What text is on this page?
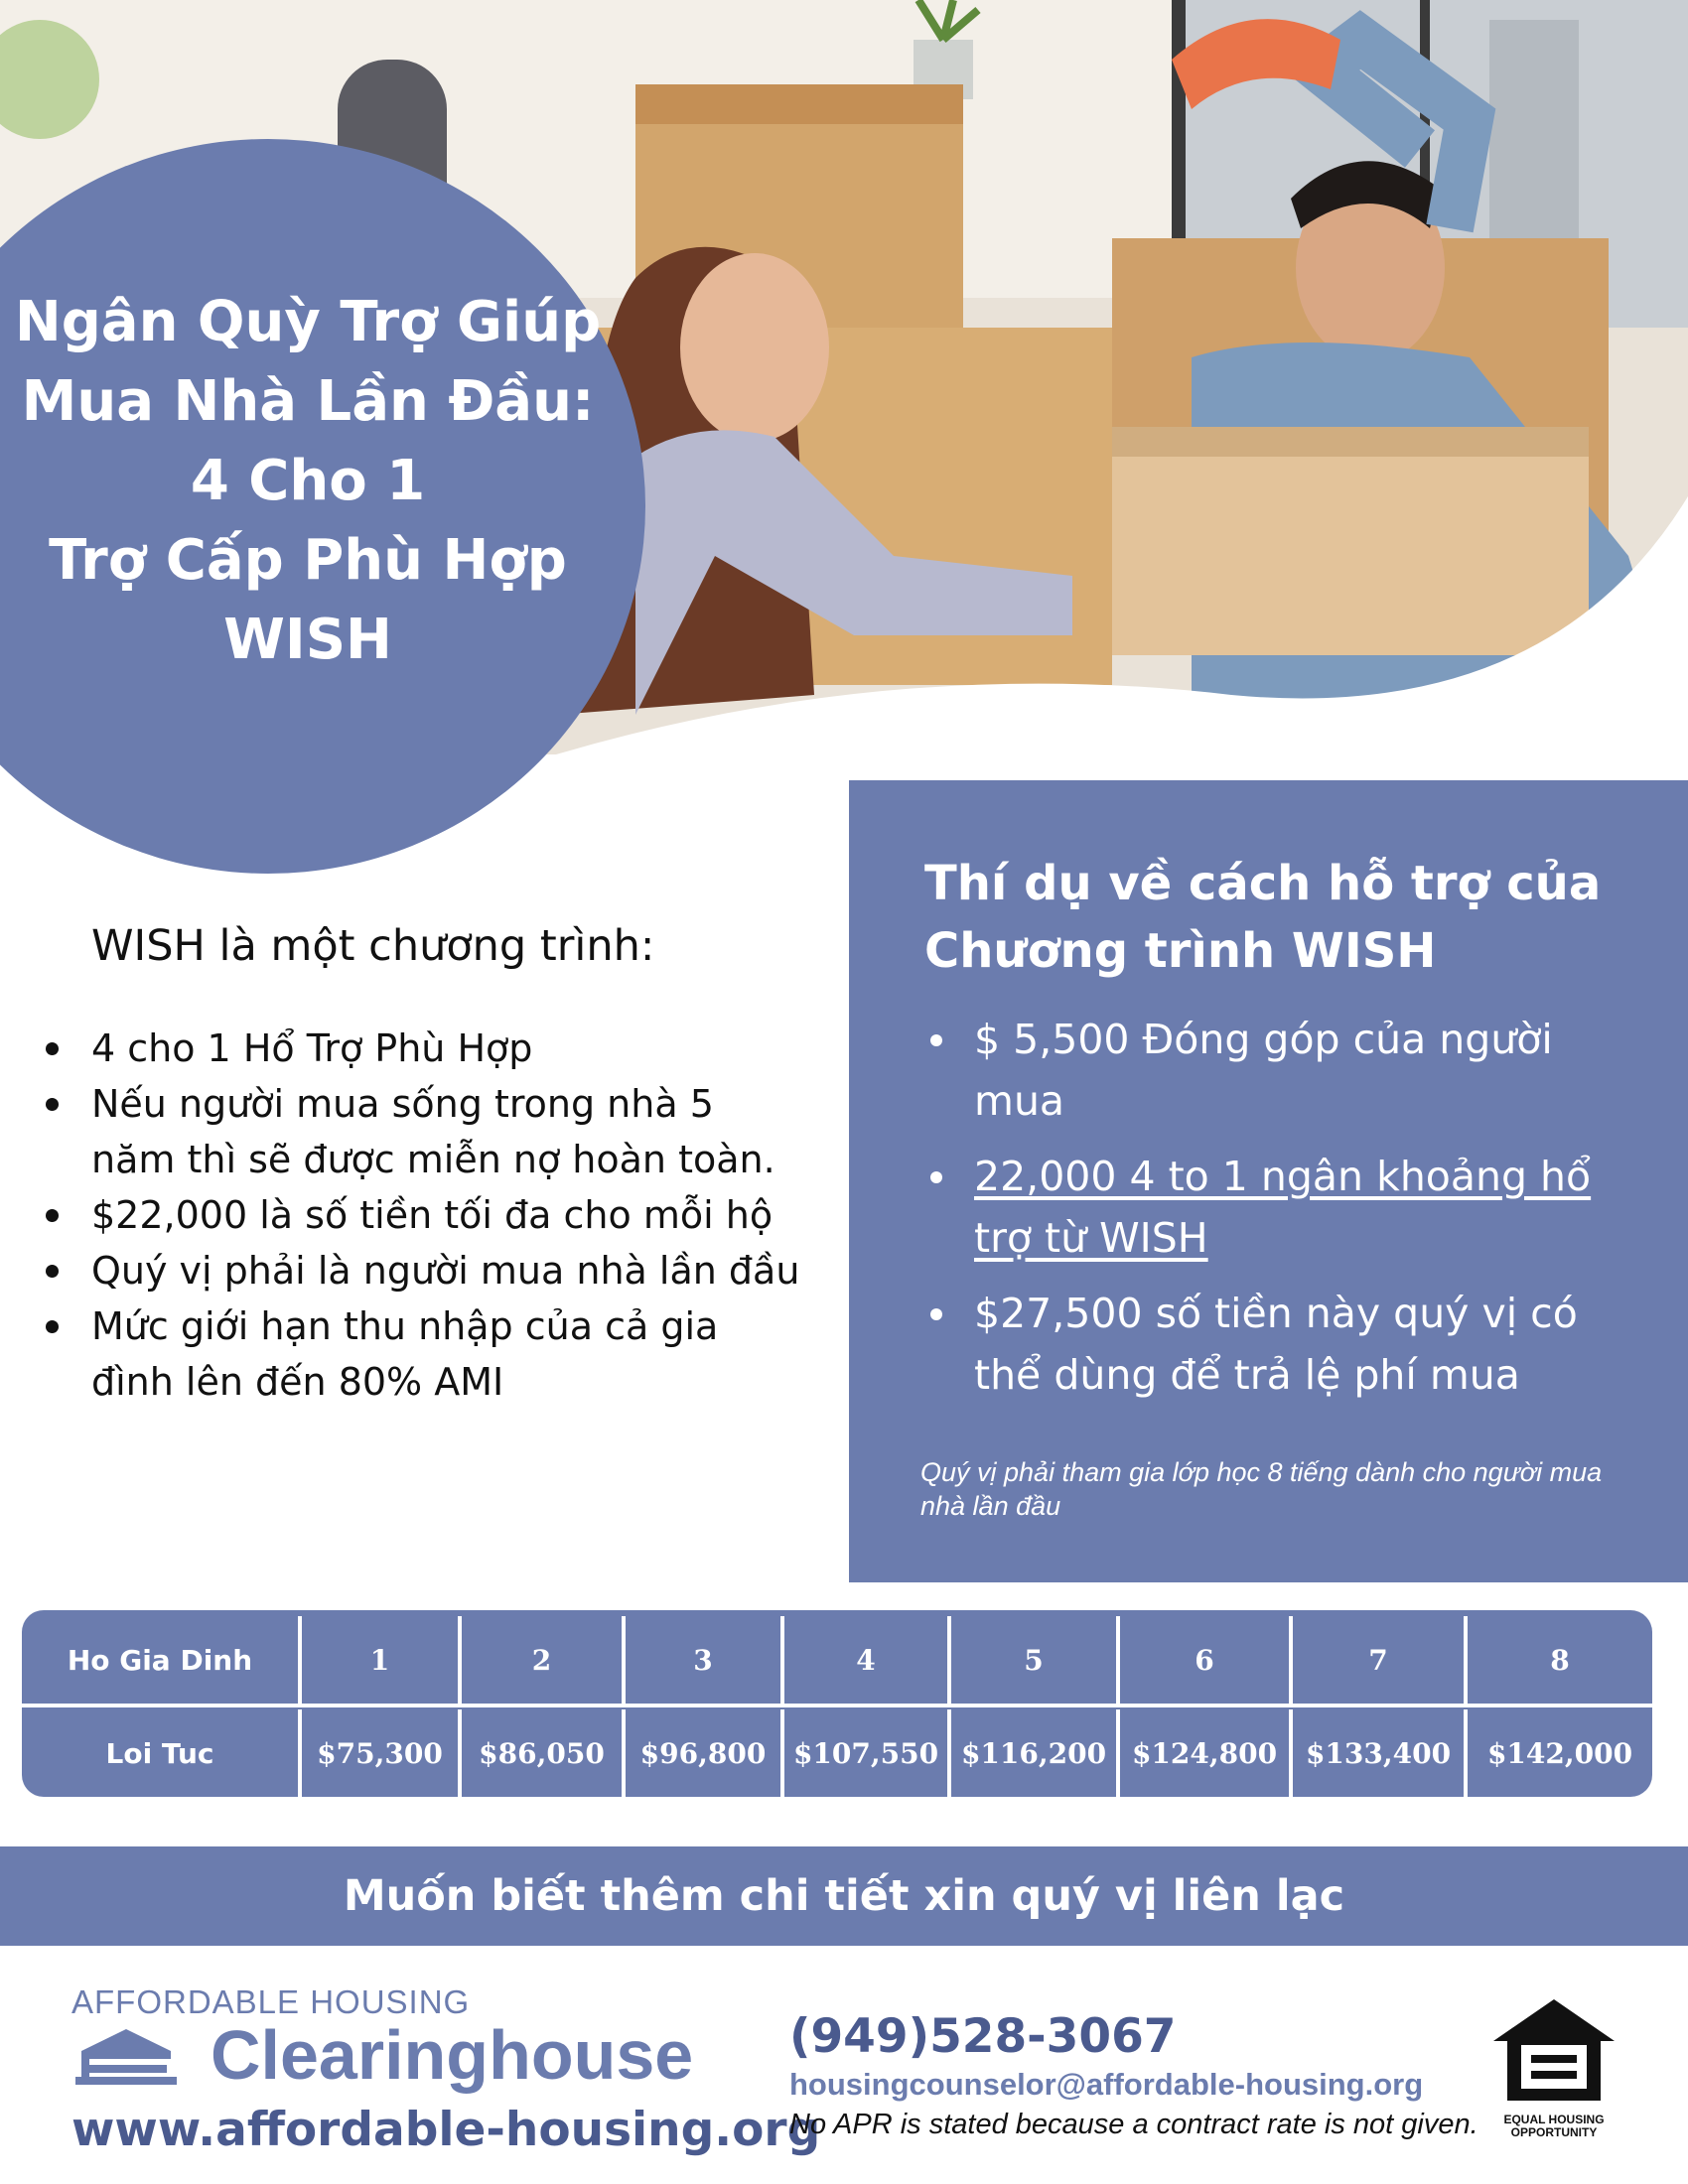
Ngân Quỳ Trợ Giúp
Mua Nhà Lần Đầu:
4 Cho 1
Trợ Cấp Phù Hợp
WISH
WISH là một chương trình:
4 cho 1 Hổ Trợ Phù Hợp
Nếu người mua sống trong nhà 5 năm thì sẽ được miễn nợ hoàn toàn.
$22,000 là số tiền tối đa cho mỗi hộ
Quý vị phải là người mua nhà lần đầu
Mức giới hạn thu nhập của cả gia đình lên đến 80% AMI
Thí dụ về cách hỗ trợ của
Chương trình WISH
$ 5,500 Đóng góp của người mua
22,000 4 to 1 ngân khoảng hổ trợ từ WISH
$27,500 số tiền này quý vị có thể dùng để trả lệ phí mua
Quý vị phải tham gia lớp học 8 tiếng dành cho người mua nhà lần đầu
Ho Gia Dinh	1	2	3	4	5	6	7	8
Loi Tuc	$75,300	$86,050	$96,800 $107,550 $116,200 $124,800	$133,400	$142,000
Muốn biết thêm chi tiết xin quý vị liên lạc
AFFORDABLE HOUSING
Clearinghouse
www.affordable-housing.org
(949)528-3067
housingcounselor@affordable-housing.org
No APR is stated because a contract rate is not given.	EQUAL HOUSING
OPPORTUNITY
